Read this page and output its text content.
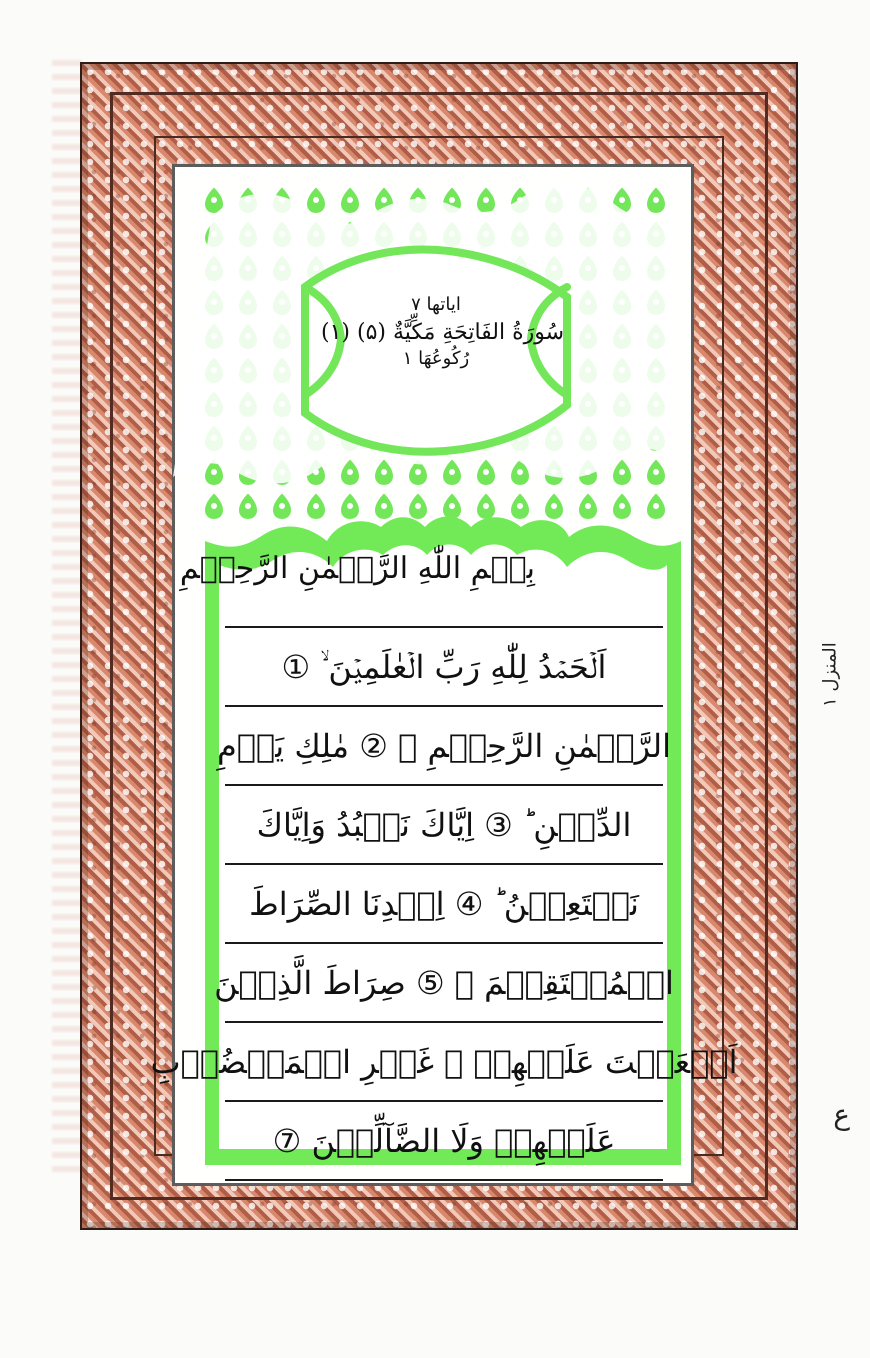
اياتها ۷
(۱) سُورَةُ الفَاتِحَةِ مَكِّيَّةٌ (۵)
رُكُوعُهَا ۱
بِسۡمِ اللّٰهِ الرَّحۡمٰنِ الرَّحِيۡمِ
اَلۡحَمۡدُ لِلّٰهِ رَبِّ الۡعٰلَمِيۡنَ ۙ‏ ①
الرَّحۡمٰنِ الرَّحِيۡمِ ۙ‏ ② مٰلِكِ يَوۡمِ
الدِّيۡنِ ؕ‏ ③ اِيَّاكَ نَعۡبُدُ وَاِيَّاكَ
نَسۡتَعِيۡنُ ؕ‏ ④ اِهۡدِنَا الصِّرَاطَ
الۡمُسۡتَقِيۡمَ ۙ‏ ⑤ صِرَاطَ الَّذِيۡنَ
اَنۡعَمۡتَ عَلَيۡهِمۡ ۙ‏ غَيۡرِ الۡمَغۡضُوۡبِ
عَلَيۡهِمۡ وَلَا الضَّآلِّيۡنَ ⑦
المنزل ۱
ع
